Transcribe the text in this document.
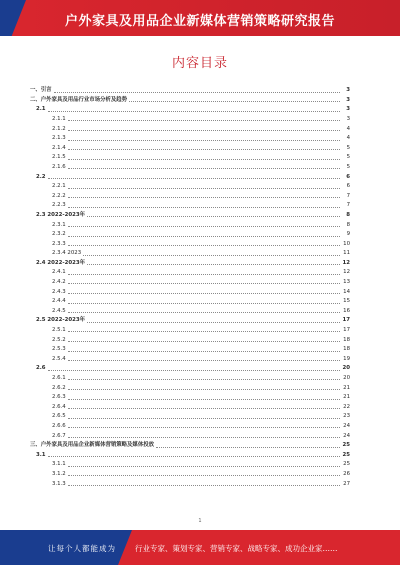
户外家具及用品企业新媒体营销策略研究报告
内容目录
一、引言	3
二、户外家具及用品行业市场分析及趋势	3
2.1	3
2.1.1	3
2.1.2	4
2.1.3	4
2.1.4	5
2.1.5	5
2.1.6	5
2.2	6
2.2.1	6
2.2.2	7
2.2.3	7
2.3 2022-2023年	8
2.3.1	8
2.3.2	9
2.3.3	10
2.3.4 2023	11
2.4 2022-2023年	12
2.4.1	12
2.4.2	13
2.4.3	14
2.4.4	15
2.4.5	16
2.5 2022-2023年	17
2.5.1	17
2.5.2	18
2.5.3	18
2.5.4	19
2.6	20
2.6.1	20
2.6.2	21
2.6.3	21
2.6.4	22
2.6.5	23
2.6.6	24
2.6.7	24
三、户外家具及用品企业新媒体营销策略及媒体投放	25
3.1	25
3.1.1	25
3.1.2	26
3.1.3	27
1
让每个人都能成为	行业专家、策划专家、营销专家、战略专家、成功企业家……
